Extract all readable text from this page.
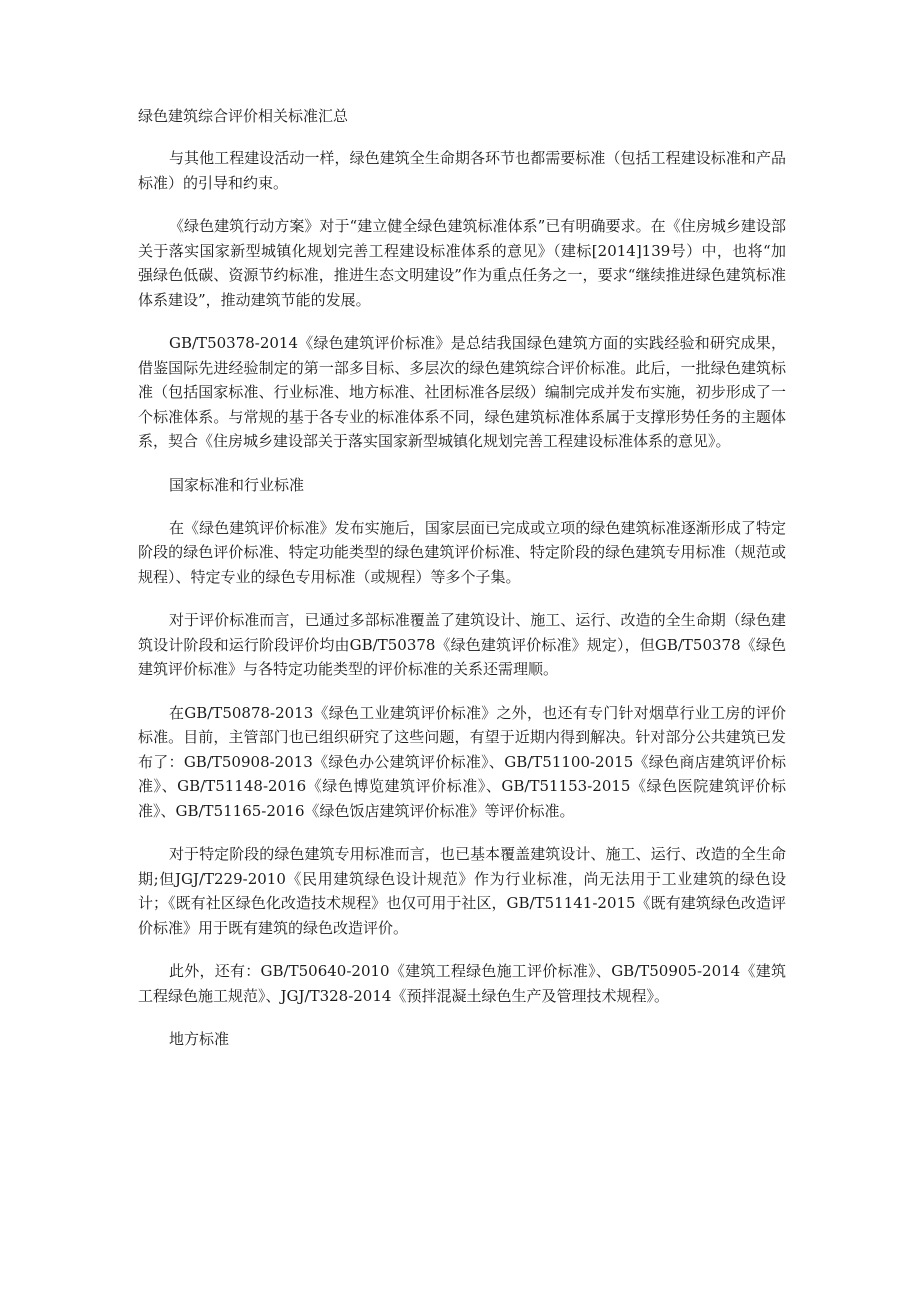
绿色建筑综合评价相关标准汇总

与其他工程建设活动一样，绿色建筑全生命期各环节也都需要标准（包括工程建设标准和产品标准）的引导和约束。

《绿色建筑行动方案》对于“建立健全绿色建筑标准体系”已有明确要求。在《住房城乡建设部关于落实国家新型城镇化规划完善工程建设标准体系的意见》（建标[2014]139号）中，也将“加强绿色低碳、资源节约标准，推进生态文明建设”作为重点任务之一，要求“继续推进绿色建筑标准体系建设”，推动建筑节能的发展。

GB/T50378-2014《绿色建筑评价标准》是总结我国绿色建筑方面的实践经验和研究成果，借鉴国际先进经验制定的第一部多目标、多层次的绿色建筑综合评价标准。此后，一批绿色建筑标准（包括国家标准、行业标准、地方标准、社团标准各层级）编制完成并发布实施，初步形成了一个标准体系。与常规的基于各专业的标准体系不同，绿色建筑标准体系属于支撑形势任务的主题体系，契合《住房城乡建设部关于落实国家新型城镇化规划完善工程建设标准体系的意见》。

国家标准和行业标准

在《绿色建筑评价标准》发布实施后，国家层面已完成或立项的绿色建筑标准逐渐形成了特定阶段的绿色评价标准、特定功能类型的绿色建筑评价标准、特定阶段的绿色建筑专用标准（规范或规程）、特定专业的绿色专用标准（或规程）等多个子集。

对于评价标准而言，已通过多部标准覆盖了建筑设计、施工、运行、改造的全生命期（绿色建筑设计阶段和运行阶段评价均由GB/T50378《绿色建筑评价标准》规定），但GB/T50378《绿色建筑评价标准》与各特定功能类型的评价标准的关系还需理顺。

在GB/T50878-2013《绿色工业建筑评价标准》之外，也还有专门针对烟草行业工房的评价标准。目前，主管部门也已组织研究了这些问题，有望于近期内得到解决。针对部分公共建筑已发布了：GB/T50908-2013《绿色办公建筑评价标准》、GB/T51100-2015《绿色商店建筑评价标准》、GB/T51148-2016《绿色博览建筑评价标准》、GB/T51153-2015《绿色医院建筑评价标准》、GB/T51165-2016《绿色饭店建筑评价标准》等评价标准。

对于特定阶段的绿色建筑专用标准而言，也已基本覆盖建筑设计、施工、运行、改造的全生命期;但JGJ/T229-2010《民用建筑绿色设计规范》作为行业标准，尚无法用于工业建筑的绿色设计；《既有社区绿色化改造技术规程》也仅可用于社区，GB/T51141-2015《既有建筑绿色改造评价标准》用于既有建筑的绿色改造评价。

此外，还有：GB/T50640-2010《建筑工程绿色施工评价标准》、GB/T50905-2014《建筑工程绿色施工规范》、JGJ/T328-2014《预拌混凝土绿色生产及管理技术规程》。

地方标准
